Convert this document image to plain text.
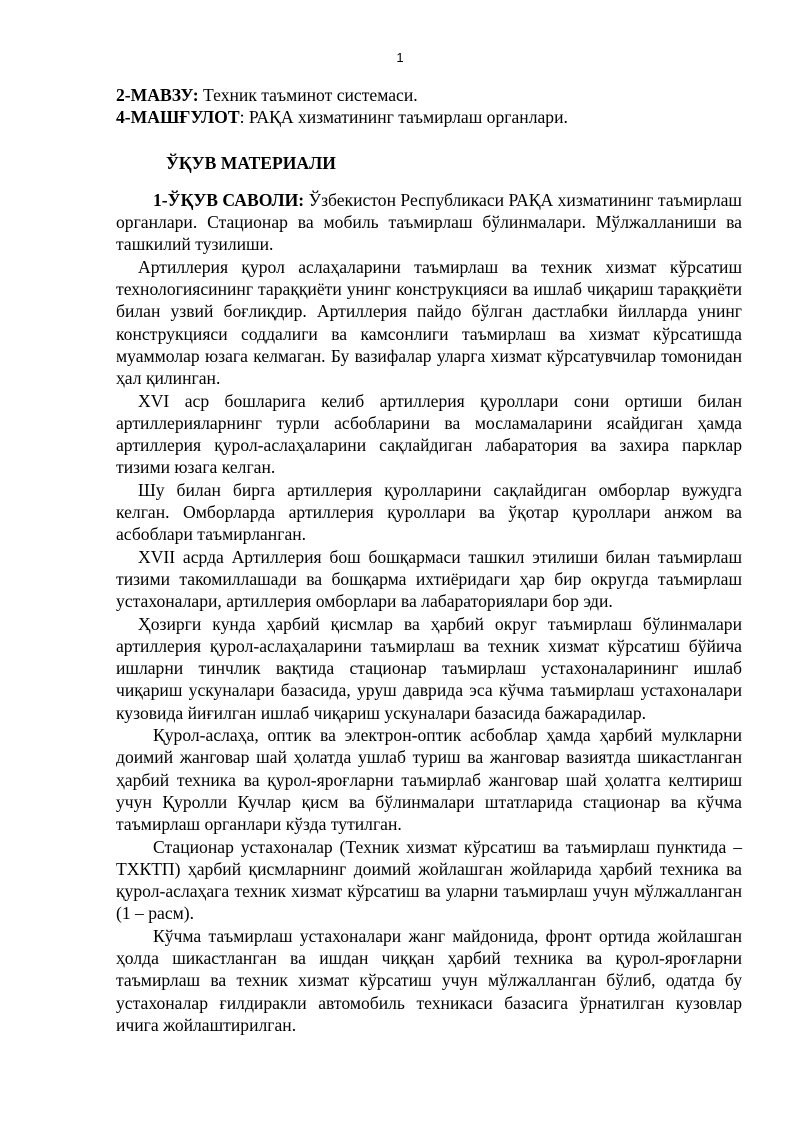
1

2-МАВЗУ: Техник таъминот системаси.

4-МАШҒУЛОТ: РАҚА хизматининг таъмирлаш органлари.

ЎҚУВ МАТЕРИАЛИ

1-ЎҚУВ САВОЛИ: Ўзбекистон Республикаси РАҚА хизматининг таъмирлаш органлари. Стационар ва мобиль таъмирлаш бўлинмалари. Мўлжалланиши ва ташкилий тузилиши.

Артиллерия қурол аслаҳаларини таъмирлаш ва техник хизмат кўрсатиш технологиясининг тараққиёти унинг конструкцияси ва ишлаб чиқариш тараққиёти билан узвий боғлиқдир. Артиллерия пайдо бўлган дастлабки йилларда унинг конструкцияси соддалиги ва камсонлиги таъмирлаш ва хизмат кўрсатишда муаммолар юзага келмаган. Бу вазифалар уларга хизмат кўрсатувчилар томонидан ҳал қилинган.

XVI аср бошларига келиб артиллерия қуроллари сони ортиши билан артиллерияларнинг турли асбобларини ва мосламаларини ясайдиган ҳамда артиллерия қурол-аслаҳаларини сақлайдиган лабаратория ва захира парклар тизими юзага келган.

Шу билан бирга артиллерия қуролларини сақлайдиган омборлар вужудга келган. Омборларда артиллерия қуроллари ва ўқотар қуроллари анжом ва асбоблари таъмирланган.

XVII асрда Артиллерия бош бошқармаси ташкил этилиши билан таъмирлаш тизими такомиллашади ва бошқарма ихтиёридаги ҳар бир округда таъмирлаш устахоналари, артиллерия омборлари ва лабараториялари бор эди.

Ҳозирги кунда ҳарбий қисмлар ва ҳарбий округ таъмирлаш бўлинмалари артиллерия қурол-аслаҳаларини таъмирлаш ва техник хизмат кўрсатиш бўйича ишларни тинчлик вақтида стационар таъмирлаш устахоналарининг ишлаб чиқариш ускуналари базасида, уруш даврида эса кўчма таъмирлаш устахоналари кузовида йиғилган ишлаб чиқариш ускуналари базасида бажарадилар.

Қурол-аслаҳа, оптик ва электрон-оптик асбоблар ҳамда ҳарбий мулкларни доимий жанговар шай ҳолатда ушлаб туриш ва жанговар вазиятда шикастланган ҳарбий техника ва қурол-яроғларни таъмирлаб жанговар шай ҳолатга келтириш учун Қуролли Кучлар қисм ва бўлинмалари штатларида стационар ва кўчма таъмирлаш органлари кўзда тутилган.

Стационар устахоналар (Техник хизмат кўрсатиш ва таъмирлаш пунктида – ТХКТП) ҳарбий қисмларнинг доимий жойлашган жойларида ҳарбий техника ва қурол-аслаҳага техник хизмат кўрсатиш ва уларни таъмирлаш учун мўлжалланган (1 – расм).

Кўчма таъмирлаш устахоналари жанг майдонида, фронт ортида жойлашган ҳолда шикастланган ва ишдан чиққан ҳарбий техника ва қурол-яроғларни таъмирлаш ва техник хизмат кўрсатиш учун мўлжалланган бўлиб, одатда бу устахоналар ғилдиракли автомобиль техникаси базасига ўрнатилган кузовлар ичига жойлаштирилган.
